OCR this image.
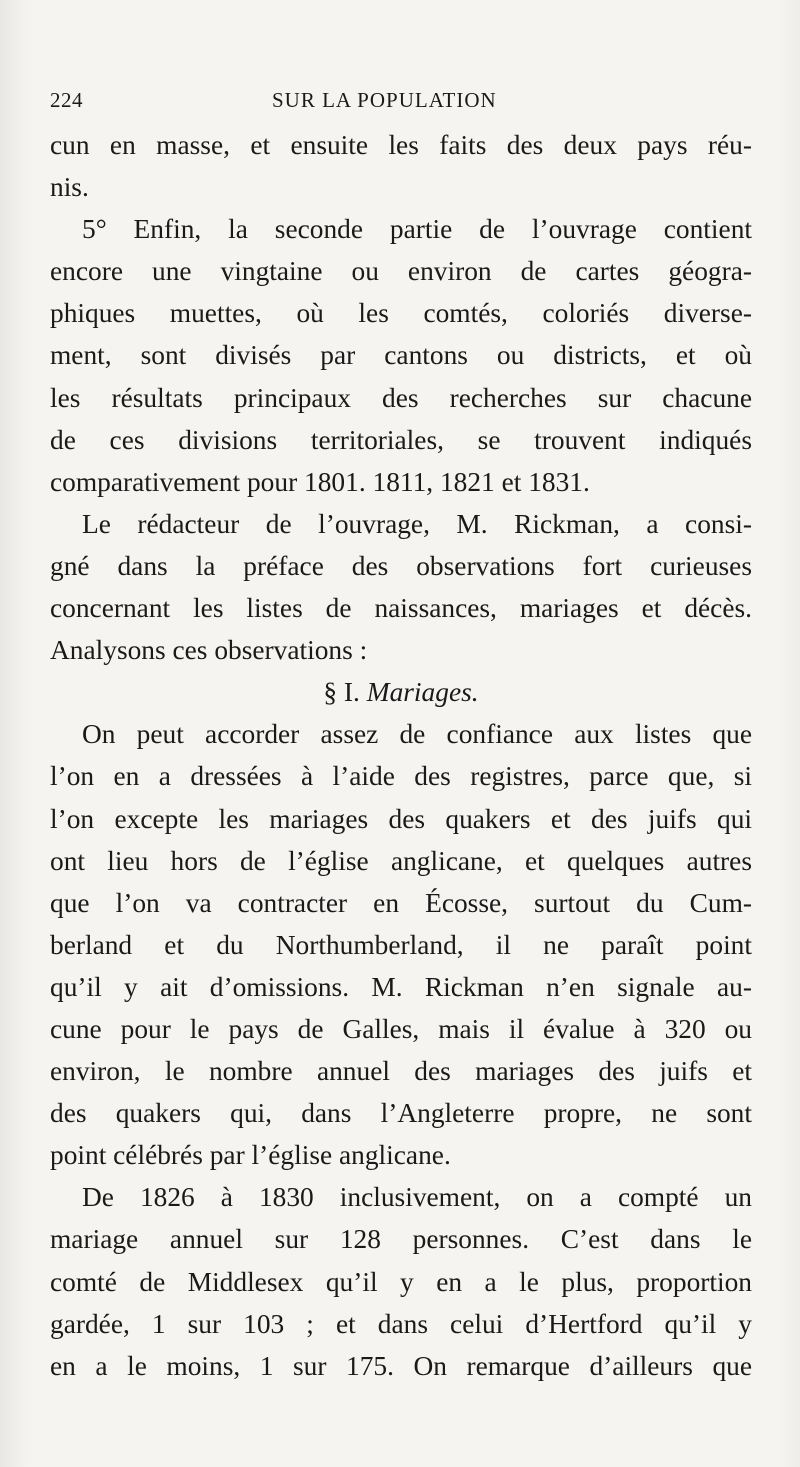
224	SUR LA POPULATION
cun en masse, et ensuite les faits des deux pays réu-
nis.
5° Enfin, la seconde partie de l’ouvrage contient
encore une vingtaine ou environ de cartes géogra-
phiques muettes, où les comtés, coloriés diverse-
ment, sont divisés par cantons ou districts, et où
les résultats principaux des recherches sur chacune
de ces divisions territoriales, se trouvent indiqués
comparativement pour 1801. 1811, 1821 et 1831.
Le rédacteur de l’ouvrage, M. Rickman, a consi-
gné dans la préface des observations fort curieuses
concernant les listes de naissances, mariages et décès.
Analysons ces observations :
§ I. Mariages.
On peut accorder assez de confiance aux listes que
l’on en a dressées à l’aide des registres, parce que, si
l’on excepte les mariages des quakers et des juifs qui
ont lieu hors de l’église anglicane, et quelques autres
que l’on va contracter en Écosse, surtout du Cum-
berland et du Northumberland, il ne paraît point
qu’il y ait d’omissions. M. Rickman n’en signale au-
cune pour le pays de Galles, mais il évalue à 320 ou
environ, le nombre annuel des mariages des juifs et
des quakers qui, dans l’Angleterre propre, ne sont
point célébrés par l’église anglicane.
De 1826 à 1830 inclusivement, on a compté un
mariage annuel sur 128 personnes. C’est dans le
comté de Middlesex qu’il y en a le plus, proportion
gardée, 1 sur 103 ; et dans celui d’Hertford qu’il y
en a le moins, 1 sur 175. On remarque d’ailleurs que
